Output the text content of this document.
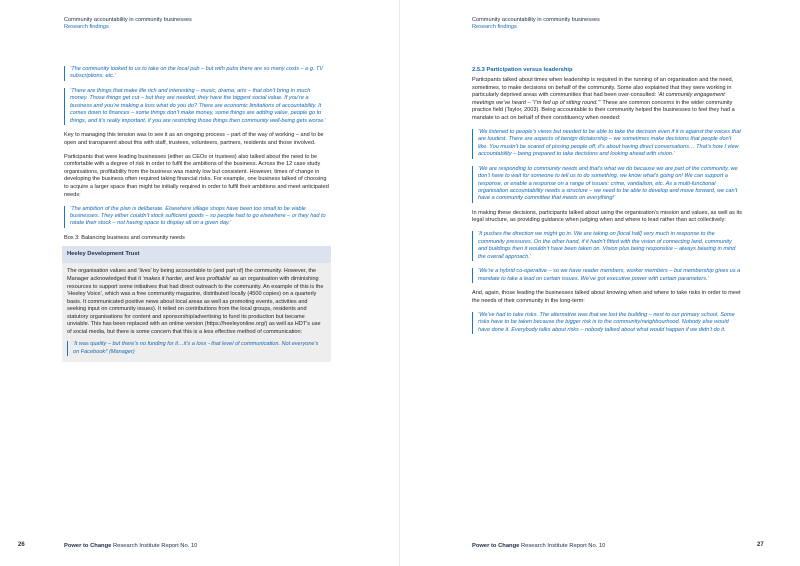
Community accountability in community businesses
Research findings

‘The community looked to us to take on the local pub – but with pubs there are so many costs – e.g. TV subscriptions, etc.’

‘There are things that make life rich and interesting – music, drama, arts – that don’t bring in much money. Those things get cut – but they are needed, they have the biggest social value. If you’re a business and you’re making a loss what do you do? There are economic limitations of accountability. It comes down to finances – some things don’t make money, some things are adding value, people go to things, and it’s really important, if you are restricting those things then community well-being gets worse.’

Key to managing this tension was to see it as an ongoing process – part of the way of working – and to be open and transparent about this with staff, trustees, volunteers, partners, residents and those involved.

Participants that were leading businesses (either as CEOs or trustees) also talked about the need to be comfortable with a degree of risk in order to fulfil the ambitions of the business. Across the 12 case study organisations, profitability from the business was mainly low but consistent. However, times of change in developing the business often required taking financial risks. For example, one business talked of choosing to acquire a larger space than might be initially required in order to fulfil their ambitions and meet anticipated needs:

‘The ambition of the plan is deliberate. Elsewhere village shops have been too small to be viable businesses. They either couldn’t stock sufficient goods – so people had to go elsewhere – or they had to rotate their stock – not having space to display all on a given day.’

Box 3: Balancing business and community needs
Heeley Development Trust

The organisation values and ‘lives’ by being accountable to (and part of) the community. However, the Manager acknowledged that it ‘makes it harder, and less profitable’ as an organisation with diminishing resources to support some initiatives that had direct outreach to the community. An example of this is the ‘Heeley Voice’, which was a free community magazine, distributed locally (4500 copies) on a quarterly basis. It communicated positive news about local areas as well as promoting events, activities and seeking input on community issues). It relied on contributions from the local groups, residents and statutory organisations for content and sponsorship/advertising to fund its production but became unviable. This has been replaced with an online version (https://heeleyonline.org/) as well as HDT’s use of social media, but there is some concern that this is a less effective method of communication:

‘It was quality – but there’s no funding for it…it’s a loss - that level of communication. Not everyone’s on Facebook!’ (Manager)

26	Power to Change Research Institute Report No. 10
Community accountability in community businesses
Research findings
2.5.3 Participation versus leadership

Participants talked about times when leadership is required in the running of an organisation and the need, sometimes, to make decisions on behalf of the community. Some also explained that they were working in particularly deprived areas with communities that had been over-consulted: ‘At community engagement meetings we’ve heard – “I’m fed up of sitting round.”’ These are common concerns in the wider community practice field (Taylor, 2003). Being accountable to their community helped the businesses to feel they had a mandate to act on behalf of their constituency when needed:

‘We listened to people’s views but needed to be able to take the decision even if it is against the voices that are loudest. There are aspects of benign dictatorship – we sometimes make decisions that people don’t like. You mustn’t be scared of pissing people off, it’s about having direct conversations… That’s how I view accountability – being prepared to take decisions and looking ahead with vision.’

‘We are responding to community needs and that’s what we do because we are part of the community, we don’t have to wait for someone to tell us to do something, we know what’s going on! We can support a response, or enable a response on a range of issues: crime, vandalism, etc. As a multi-functional organisation accountability needs a structure – we need to be able to develop and move forward, we can’t have a community committee that meets on everything!’

In making these decisions, participants talked about using the organisation’s mission and values, as well as its legal structure, as providing guidance when judging when and where to lead rather than act collectively:

‘It pushes the direction we might go in. We are taking on [local hall] very much in response to the community pressures. On the other hand, if it hadn’t fitted with the vision of connecting land, community and buildings then it wouldn’t have been taken on. Vision plus being responsive – always bearing in mind the overall approach.’

‘We’re a hybrid co-operative – so we have reader members, worker members – but membership gives us a mandate to take a lead on certain issues. We’ve got executive power with certain parameters.’

And, again, those leading the businesses talked about knowing when and where to take risks in order to meet the needs of their community in the long-term:

‘We’ve had to take risks. The alternative was that we lost the building – next to our primary school. Some risks have to be taken because the bigger risk is to the community/neighbourhood. Nobody else would have done it. Everybody talks about risks – nobody talked about what would happen if we didn’t do it.

Power to Change Research Institute Report No. 10	27
